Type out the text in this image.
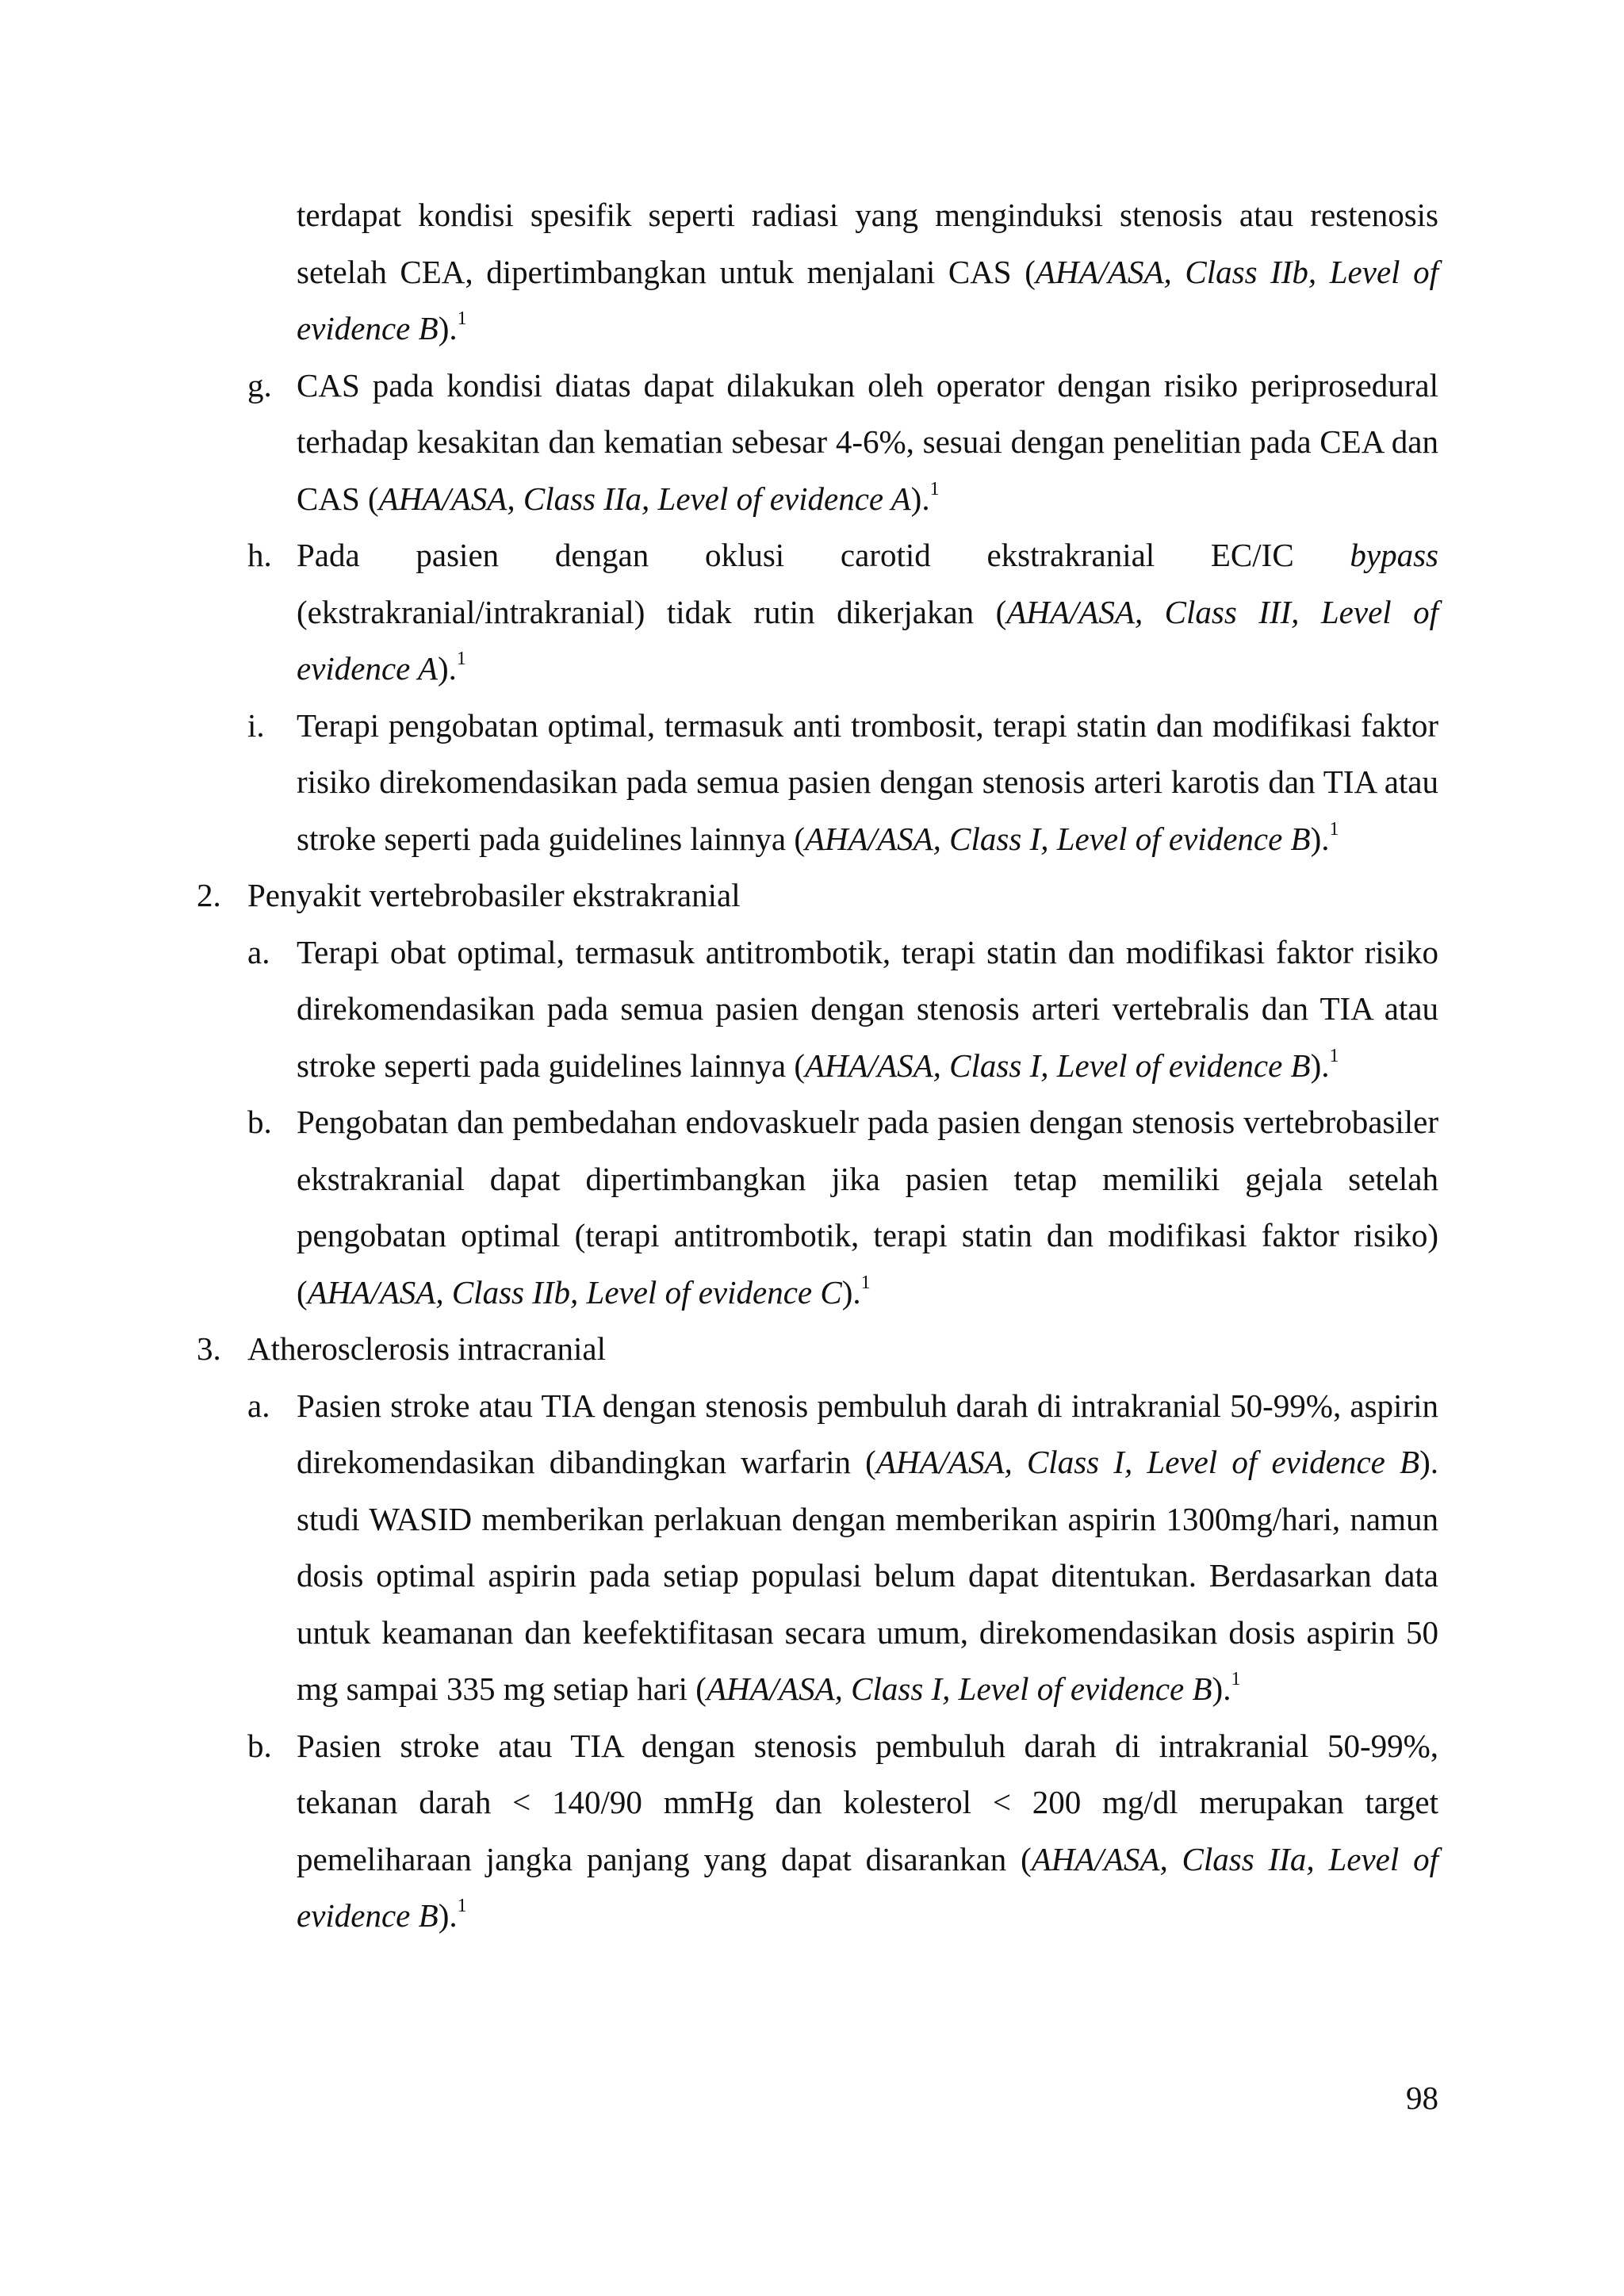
terdapat kondisi spesifik seperti radiasi yang menginduksi stenosis atau restenosis setelah CEA, dipertimbangkan untuk menjalani CAS (AHA/ASA, Class IIb, Level of evidence B).$^1$
g. CAS pada kondisi diatas dapat dilakukan oleh operator dengan risiko periprosedural terhadap kesakitan dan kematian sebesar 4-6%, sesuai dengan penelitian pada CEA dan CAS (AHA/ASA, Class IIa, Level of evidence A).$^1$
h. Pada pasien dengan oklusi carotid ekstrakranial EC/IC bypass (ekstrakranial/intrakranial) tidak rutin dikerjakan (AHA/ASA, Class III, Level of evidence A).$^1$
i. Terapi pengobatan optimal, termasuk anti trombosit, terapi statin dan modifikasi faktor risiko direkomendasikan pada semua pasien dengan stenosis arteri karotis dan TIA atau stroke seperti pada guidelines lainnya (AHA/ASA, Class I, Level of evidence B).$^1$
2. Penyakit vertebrobasiler ekstrakranial
a. Terapi obat optimal, termasuk antitrombotik, terapi statin dan modifikasi faktor risiko direkomendasikan pada semua pasien dengan stenosis arteri vertebralis dan TIA atau stroke seperti pada guidelines lainnya (AHA/ASA, Class I, Level of evidence B).$^1$
b. Pengobatan dan pembedahan endovaskuelr pada pasien dengan stenosis vertebrobasiler ekstrakranial dapat dipertimbangkan jika pasien tetap memiliki gejala setelah pengobatan optimal (terapi antitrombotik, terapi statin dan modifikasi faktor risiko) (AHA/ASA, Class IIb, Level of evidence C).$^1$
3. Atherosclerosis intracranial
a. Pasien stroke atau TIA dengan stenosis pembuluh darah di intrakranial 50-99%, aspirin direkomendasikan dibandingkan warfarin (AHA/ASA, Class I, Level of evidence B). studi WASID memberikan perlakuan dengan memberikan aspirin 1300mg/hari, namun dosis optimal aspirin pada setiap populasi belum dapat ditentukan. Berdasarkan data untuk keamanan dan keefektifitasan secara umum, direkomendasikan dosis aspirin 50 mg sampai 335 mg setiap hari (AHA/ASA, Class I, Level of evidence B).$^1$
b. Pasien stroke atau TIA dengan stenosis pembuluh darah di intrakranial 50-99%, tekanan darah < 140/90 mmHg dan kolesterol < 200 mg/dl merupakan target pemeliharaan jangka panjang yang dapat disarankan (AHA/ASA, Class IIa, Level of evidence B).$^1$
98
